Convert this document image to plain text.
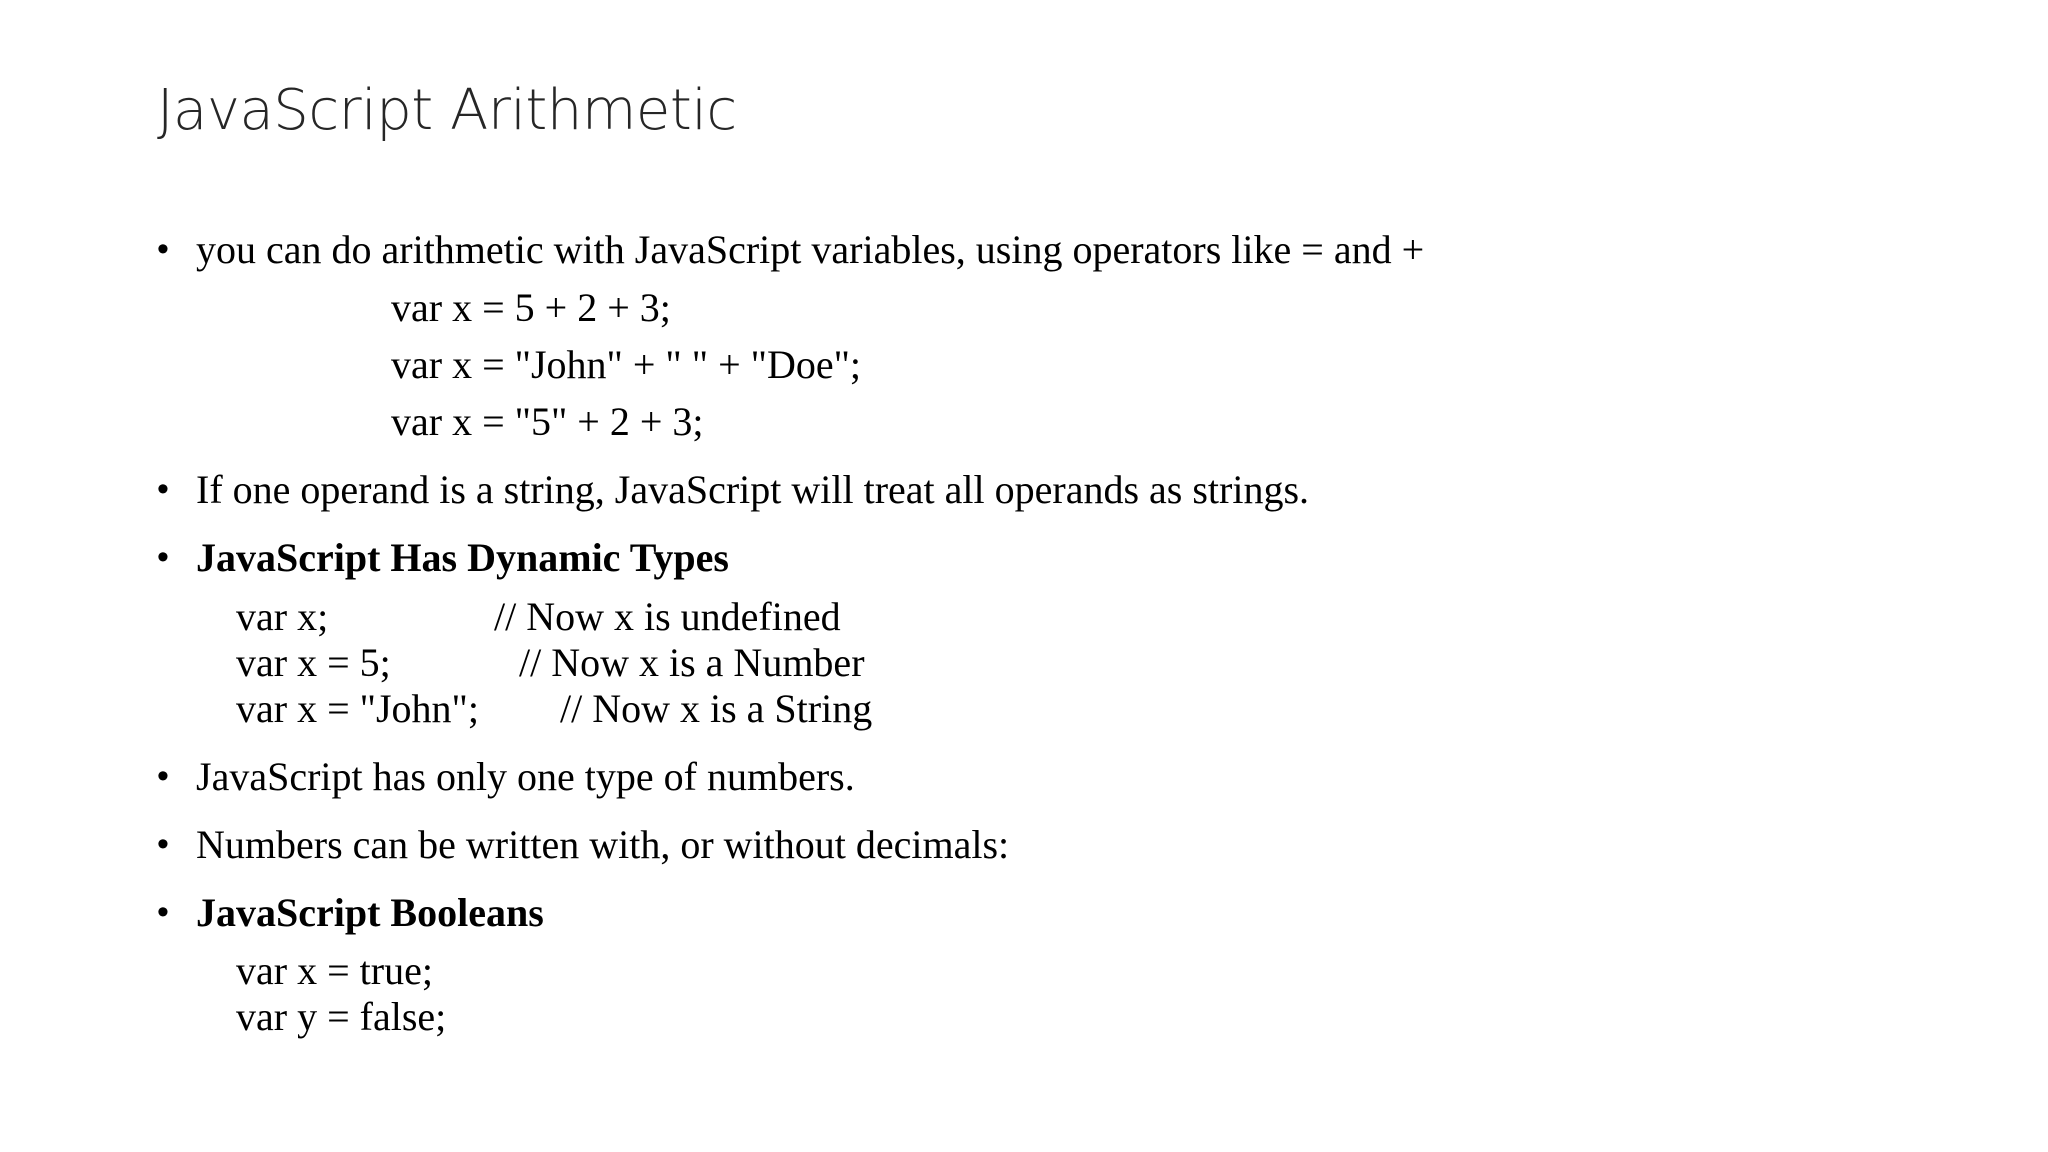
JavaScript Arithmetic
• you can do arithmetic with JavaScript variables, using operators like = and +
var x = 5 + 2 + 3;
var x = "John" + " " + "Doe";
var x = "5" + 2 + 3;
• If one operand is a string, JavaScript will treat all operands as strings.
• JavaScript Has Dynamic Types
var x;	// Now x is undefined
var x = 5;	// Now x is a Number
var x = "John"; // Now x is a String
• JavaScript has only one type of numbers.
• Numbers can be written with, or without decimals:
• JavaScript Booleans
var x = true;
var y = false;
